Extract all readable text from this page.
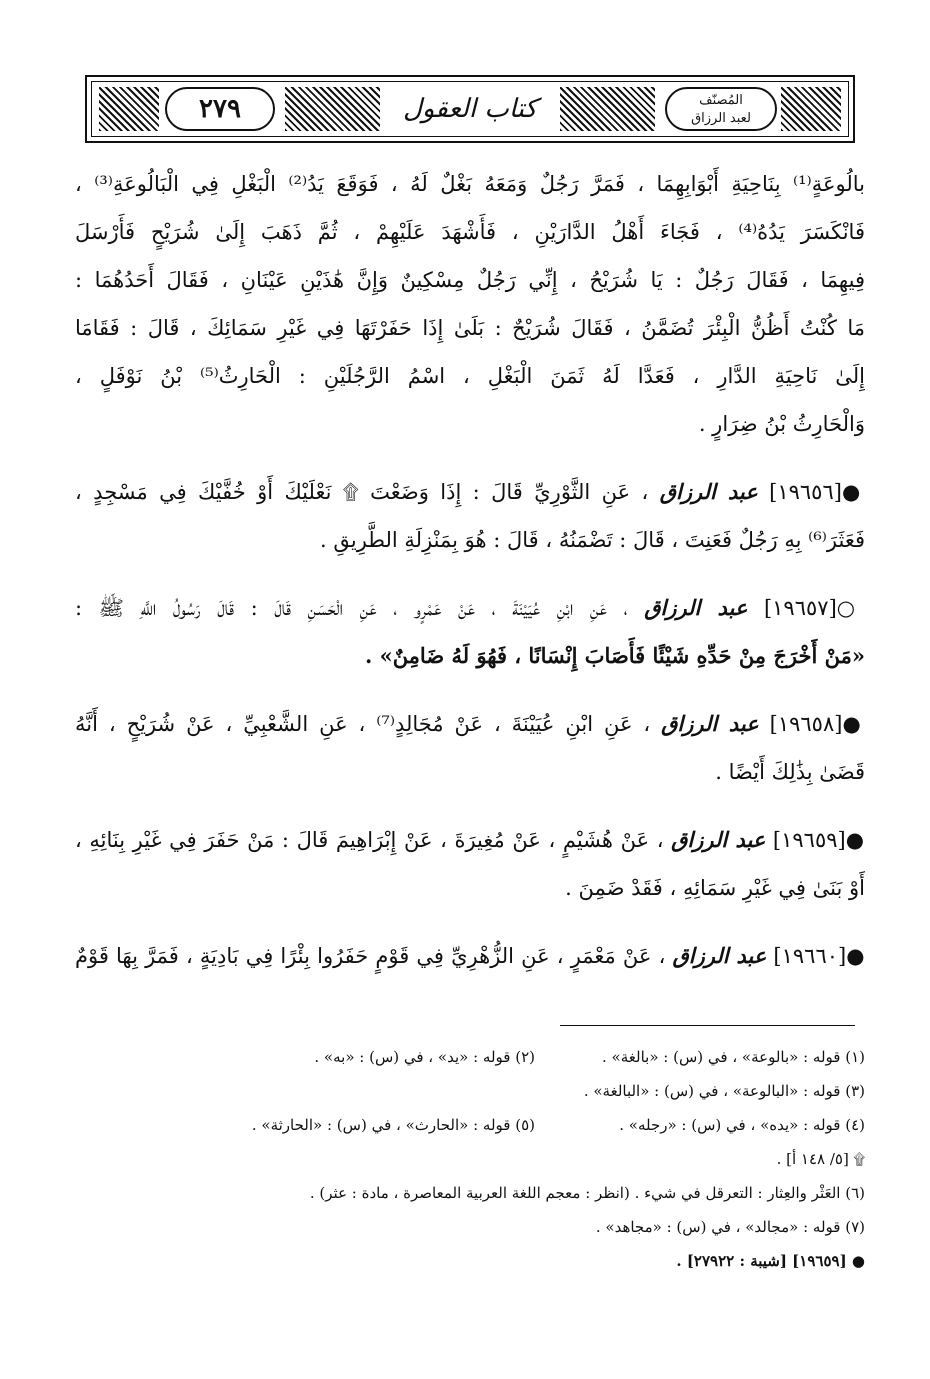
٢٧٩	كتاب العقول	المُصنّف
لعبد الرزاق
بالُوعَةٍ⁽¹⁾ بِنَاحِيَةِ أَبْوَابِهِمَا ، فَمَرَّ رَجُلٌ وَمَعَهُ بَغْلٌ لَهُ ، فَوَقَعَ يَدُ⁽²⁾ الْبَغْلِ فِي الْبَالُوعَةِ⁽³⁾ ،
فَانْكَسَرَ يَدُهُ⁽⁴⁾ ، فَجَاءَ أَهْلُ الدَّارَيْنِ ، فَأَشْهَدَ عَلَيْهِمْ ، ثُمَّ ذَهَبَ إِلَىٰ شُرَيْحٍ فَأَرْسَلَ
فِيهِمَا ، فَقَالَ رَجُلٌ : يَا شُرَيْحُ ، إِنِّي رَجُلٌ مِسْكِينٌ وَإِنَّ هَٰذَيْنِ عَيْنَانِ ، فَقَالَ أَحَدُهُمَا :
مَا كُنْتُ أَظُنُّ الْبِئْرَ تُضَمَّنُ ، فَقَالَ شُرَيْحٌ : بَلَىٰ إِذَا حَفَرْتَهَا فِي غَيْرِ سَمَائِكَ ، قَالَ : فَقَامَا
إِلَىٰ نَاحِيَةِ الدَّارِ ، فَعَدَّا لَهُ ثَمَنَ الْبَغْلِ ، اسْمُ الرَّجُلَيْنِ : الْحَارِثُ⁽⁵⁾ بْنُ نَوْفَلٍ ،
وَالْحَارِثُ بْنُ ضِرَارٍ .
●[١٩٦٥٦] عبد الرزاق ، عَنِ الثَّوْرِيِّ قَالَ : إِذَا وَضَعْتَ ۩ نَعْلَيْكَ أَوْ خُفَّيْكَ فِي مَسْجِدٍ ،
فَعَثَرَ⁽⁶⁾ بِهِ رَجُلٌ فَعَنِتَ ، قَالَ : تَضْمَنُهُ ، قَالَ : هُوَ بِمَنْزِلَةِ الطَّرِيقِ .
○[١٩٦٥٧] عبد الرزاق ، عَنِ ابْنِ عُيَيْنَةَ ، عَنْ عَمْرٍو ، عَنِ الْحَسَنِ قَالَ : قَالَ رَسُولُ اللَّهِ ﷺ :
«مَنْ أَخْرَجَ مِنْ حَدِّهِ شَيْئًا فَأَصَابَ إِنْسَانًا ، فَهُوَ لَهُ ضَامِنٌ» .
●[١٩٦٥٨] عبد الرزاق ، عَنِ ابْنِ عُيَيْنَةَ ، عَنْ مُجَالِدٍ⁽⁷⁾ ، عَنِ الشَّعْبِيِّ ، عَنْ شُرَيْحٍ ، أَنَّهُ
قَضَىٰ بِذَٰلِكَ أَيْضًا .
●[١٩٦٥٩] عبد الرزاق ، عَنْ هُشَيْمٍ ، عَنْ مُغِيرَةَ ، عَنْ إِبْرَاهِيمَ قَالَ : مَنْ حَفَرَ فِي غَيْرِ بِنَائِهِ ،
أَوْ بَنَىٰ فِي غَيْرِ سَمَائِهِ ، فَقَدْ ضَمِنَ .
●[١٩٦٦٠] عبد الرزاق ، عَنْ مَعْمَرٍ ، عَنِ الزُّهْرِيِّ فِي قَوْمٍ حَفَرُوا بِئْرًا فِي بَادِيَةٍ ، فَمَرَّ بِهَا قَوْمٌ
(١) قوله : «بالوعة» ، في (س) : «بالغة» .
(٢) قوله : «يد» ، في (س) : «به» .
(٣) قوله : «البالوعة» ، في (س) : «البالغة» .
(٤) قوله : «يده» ، في (س) : «رجله» .
(٥) قوله : «الحارث» ، في (س) : «الحارثة» .
۩ [٥/ ١٤٨ أ] .
(٦) العَثْر والعِثار : التعرقل في شيء . (انظر : معجم اللغة العربية المعاصرة ، مادة : عثر) .
(٧) قوله : «مجالد» ، في (س) : «مجاهد» .
● [١٩٦٥٩] [شيبة : ٢٧٩٢٢] .
